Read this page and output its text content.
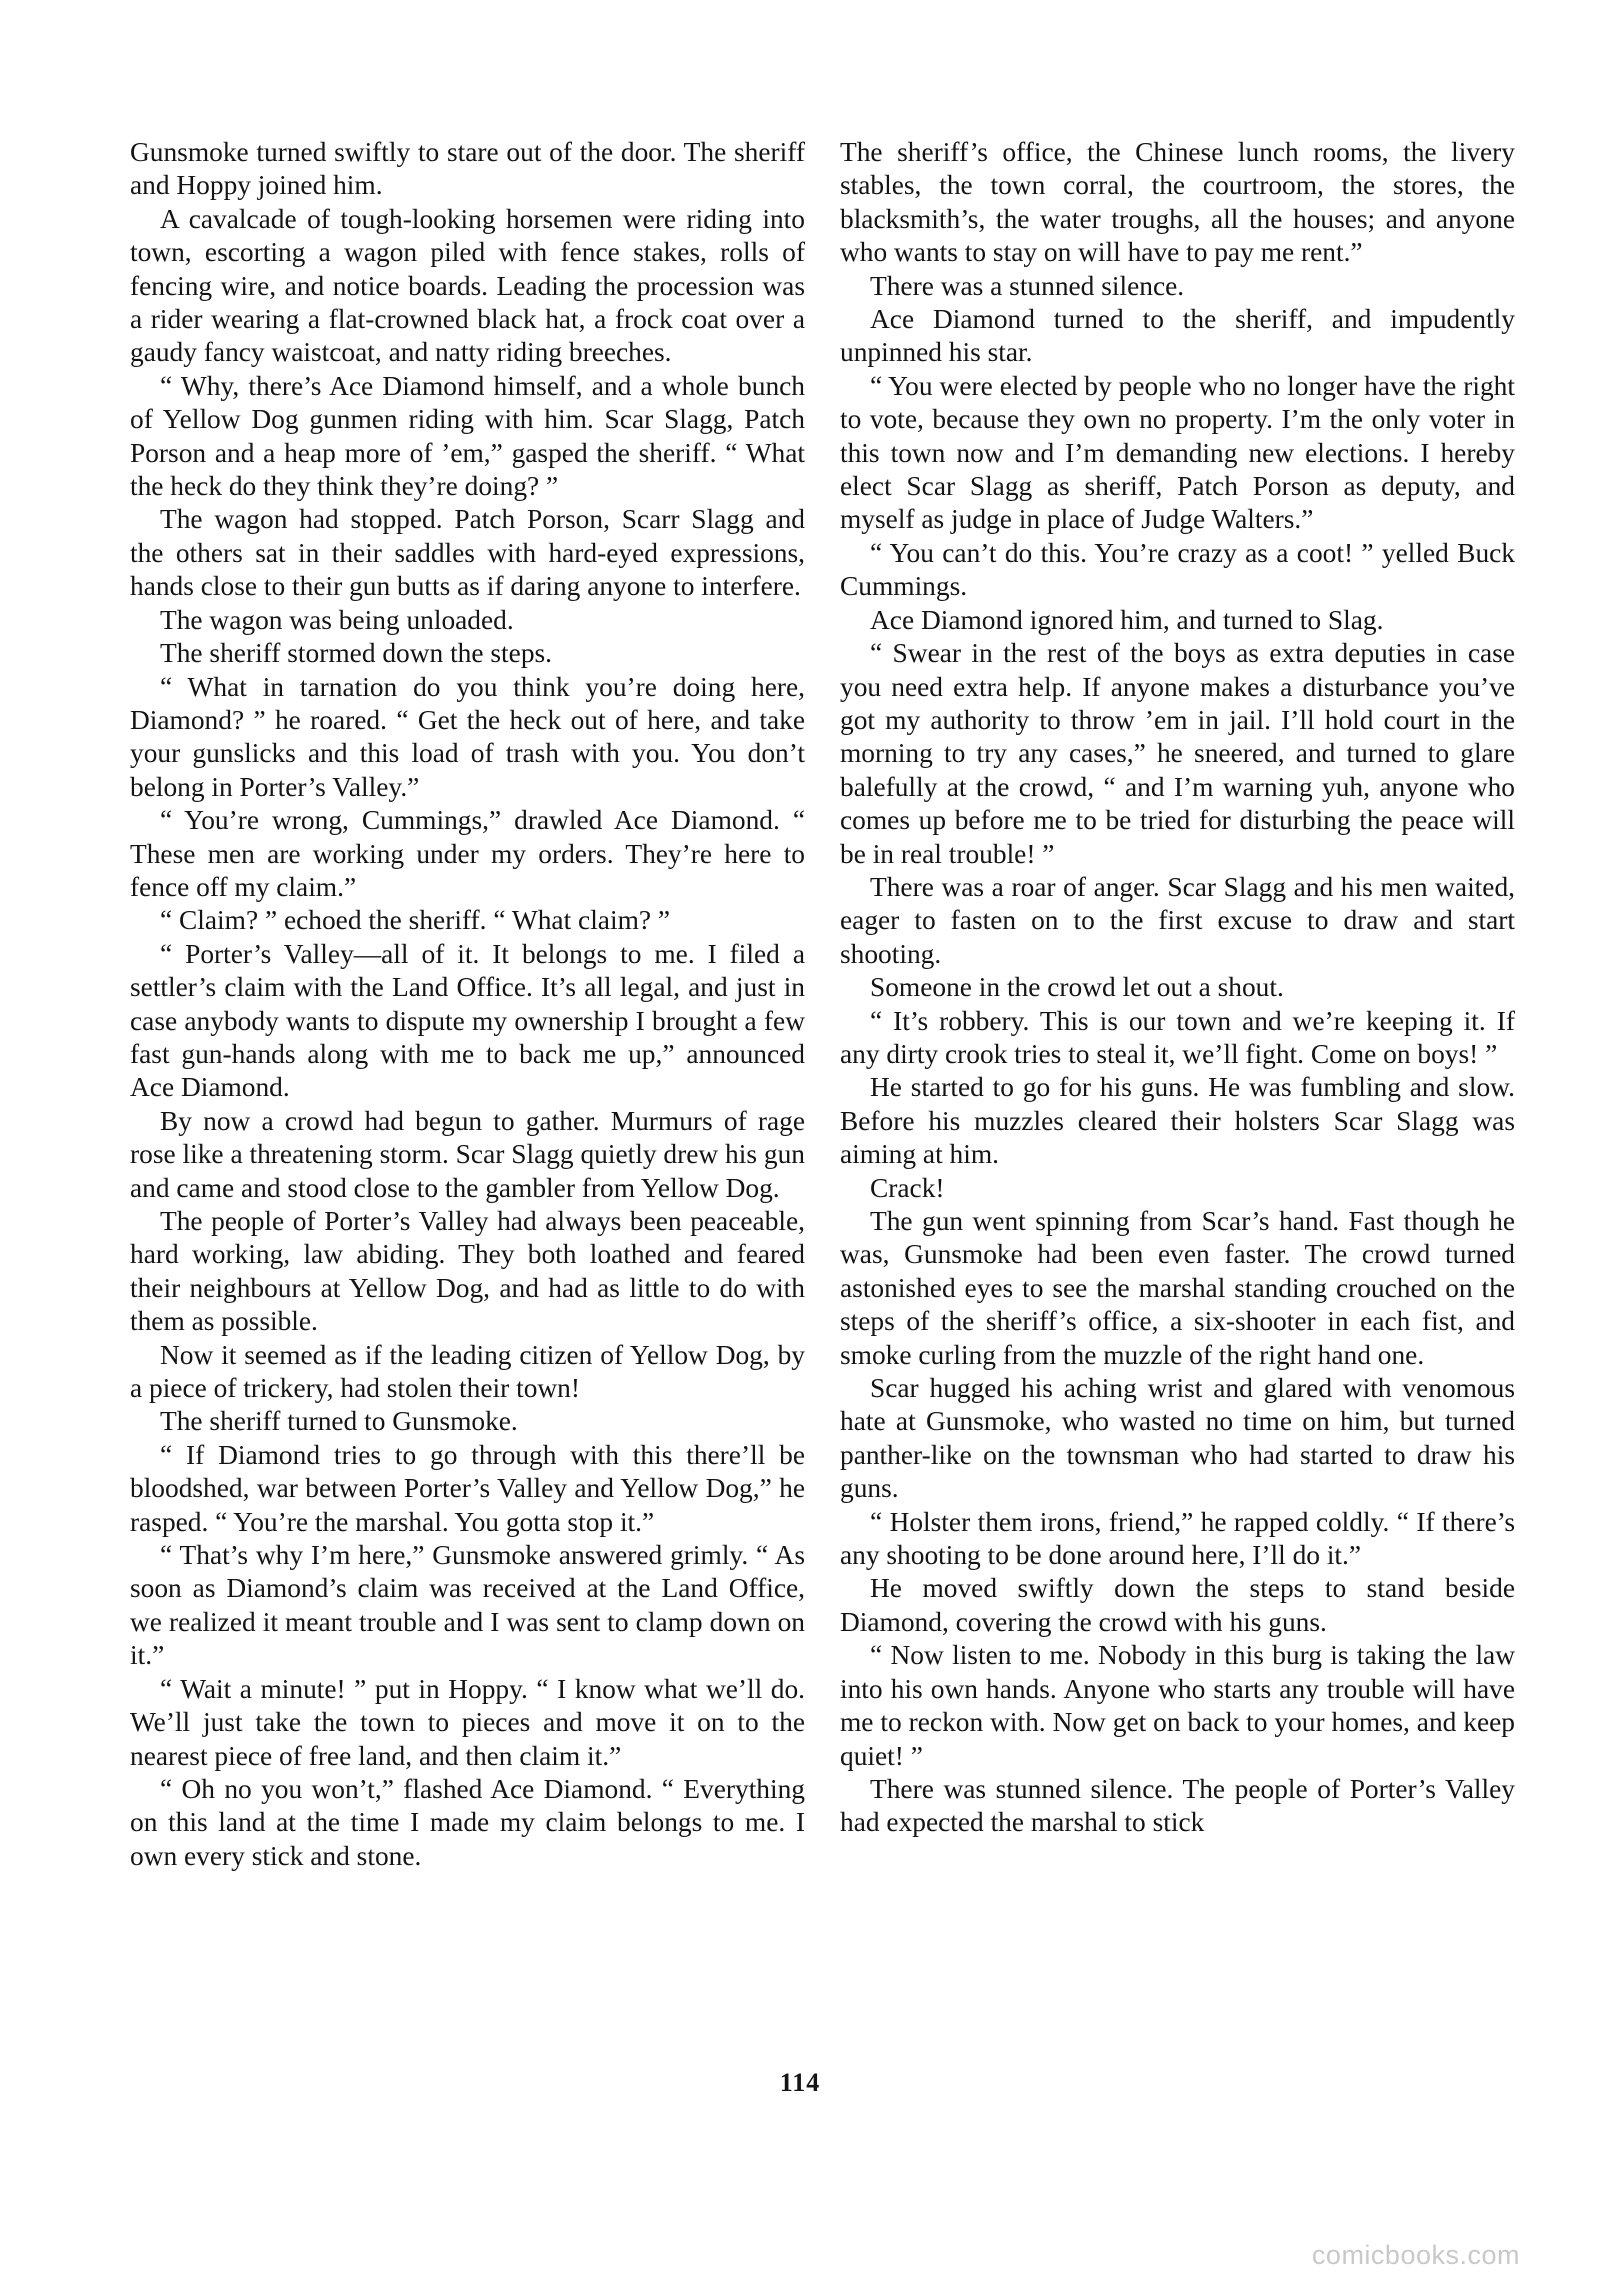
Gunsmoke turned swiftly to stare out of the door. The sheriff and Hoppy joined him.

A cavalcade of tough-looking horsemen were riding into town, escorting a wagon piled with fence stakes, rolls of fencing wire, and notice boards. Leading the procession was a rider wearing a flat-crowned black hat, a frock coat over a gaudy fancy waistcoat, and natty riding breeches.

“ Why, there’s Ace Diamond himself, and a whole bunch of Yellow Dog gunmen riding with him. Scar Slagg, Patch Porson and a heap more of ’em,” gasped the sheriff. “ What the heck do they think they’re doing? ”

The wagon had stopped. Patch Porson, Scarr Slagg and the others sat in their saddles with hard-eyed expressions, hands close to their gun butts as if daring anyone to interfere.

The wagon was being unloaded.

The sheriff stormed down the steps.

“ What in tarnation do you think you’re doing here, Diamond? ” he roared. “ Get the heck out of here, and take your gunslicks and this load of trash with you. You don’t belong in Porter’s Valley.”

“ You’re wrong, Cummings,” drawled Ace Diamond. “ These men are working under my orders. They’re here to fence off my claim.”

“ Claim? ” echoed the sheriff. “ What claim? ”

“ Porter’s Valley—all of it. It belongs to me. I filed a settler’s claim with the Land Office. It’s all legal, and just in case anybody wants to dispute my ownership I brought a few fast gun-hands along with me to back me up,” announced Ace Diamond.

By now a crowd had begun to gather. Murmurs of rage rose like a threatening storm. Scar Slagg quietly drew his gun and came and stood close to the gambler from Yellow Dog.

The people of Porter’s Valley had always been peaceable, hard working, law abiding. They both loathed and feared their neighbours at Yellow Dog, and had as little to do with them as possible.

Now it seemed as if the leading citizen of Yellow Dog, by a piece of trickery, had stolen their town!

The sheriff turned to Gunsmoke.

“ If Diamond tries to go through with this there’ll be bloodshed, war between Porter’s Valley and Yellow Dog,” he rasped. “ You’re the marshal. You gotta stop it.”

“ That’s why I’m here,” Gunsmoke answered grimly. “ As soon as Diamond’s claim was received at the Land Office, we realized it meant trouble and I was sent to clamp down on it.”

“ Wait a minute! ” put in Hoppy. “ I know what we’ll do. We’ll just take the town to pieces and move it on to the nearest piece of free land, and then claim it.”

“ Oh no you won’t,” flashed Ace Diamond. “ Everything on this land at the time I made my claim belongs to me. I own every stick and stone.

The sheriff’s office, the Chinese lunch rooms, the livery stables, the town corral, the courtroom, the stores, the blacksmith’s, the water troughs, all the houses; and anyone who wants to stay on will have to pay me rent.”

There was a stunned silence.

Ace Diamond turned to the sheriff, and impudently unpinned his star.

“ You were elected by people who no longer have the right to vote, because they own no property. I’m the only voter in this town now and I’m demanding new elections. I hereby elect Scar Slagg as sheriff, Patch Porson as deputy, and myself as judge in place of Judge Walters.”

“ You can’t do this. You’re crazy as a coot! ” yelled Buck Cummings.

Ace Diamond ignored him, and turned to Slag.

“ Swear in the rest of the boys as extra deputies in case you need extra help. If anyone makes a disturbance you’ve got my authority to throw ’em in jail. I’ll hold court in the morning to try any cases,” he sneered, and turned to glare balefully at the crowd, “ and I’m warning yuh, anyone who comes up before me to be tried for disturbing the peace will be in real trouble! ”

There was a roar of anger. Scar Slagg and his men waited, eager to fasten on to the first excuse to draw and start shooting.

Someone in the crowd let out a shout.

“ It’s robbery. This is our town and we’re keeping it. If any dirty crook tries to steal it, we’ll fight. Come on boys! ”

He started to go for his guns. He was fumbling and slow. Before his muzzles cleared their holsters Scar Slagg was aiming at him.

Crack!

The gun went spinning from Scar’s hand. Fast though he was, Gunsmoke had been even faster. The crowd turned astonished eyes to see the marshal standing crouched on the steps of the sheriff’s office, a six-shooter in each fist, and smoke curling from the muzzle of the right hand one.

Scar hugged his aching wrist and glared with venomous hate at Gunsmoke, who wasted no time on him, but turned panther-like on the townsman who had started to draw his guns.

“ Holster them irons, friend,” he rapped coldly. “ If there’s any shooting to be done around here, I’ll do it.”

He moved swiftly down the steps to stand beside Diamond, covering the crowd with his guns.

“ Now listen to me. Nobody in this burg is taking the law into his own hands. Anyone who starts any trouble will have me to reckon with. Now get on back to your homes, and keep quiet! ”

There was stunned silence. The people of Porter’s Valley had expected the marshal to stick

114
comicbooks.com
